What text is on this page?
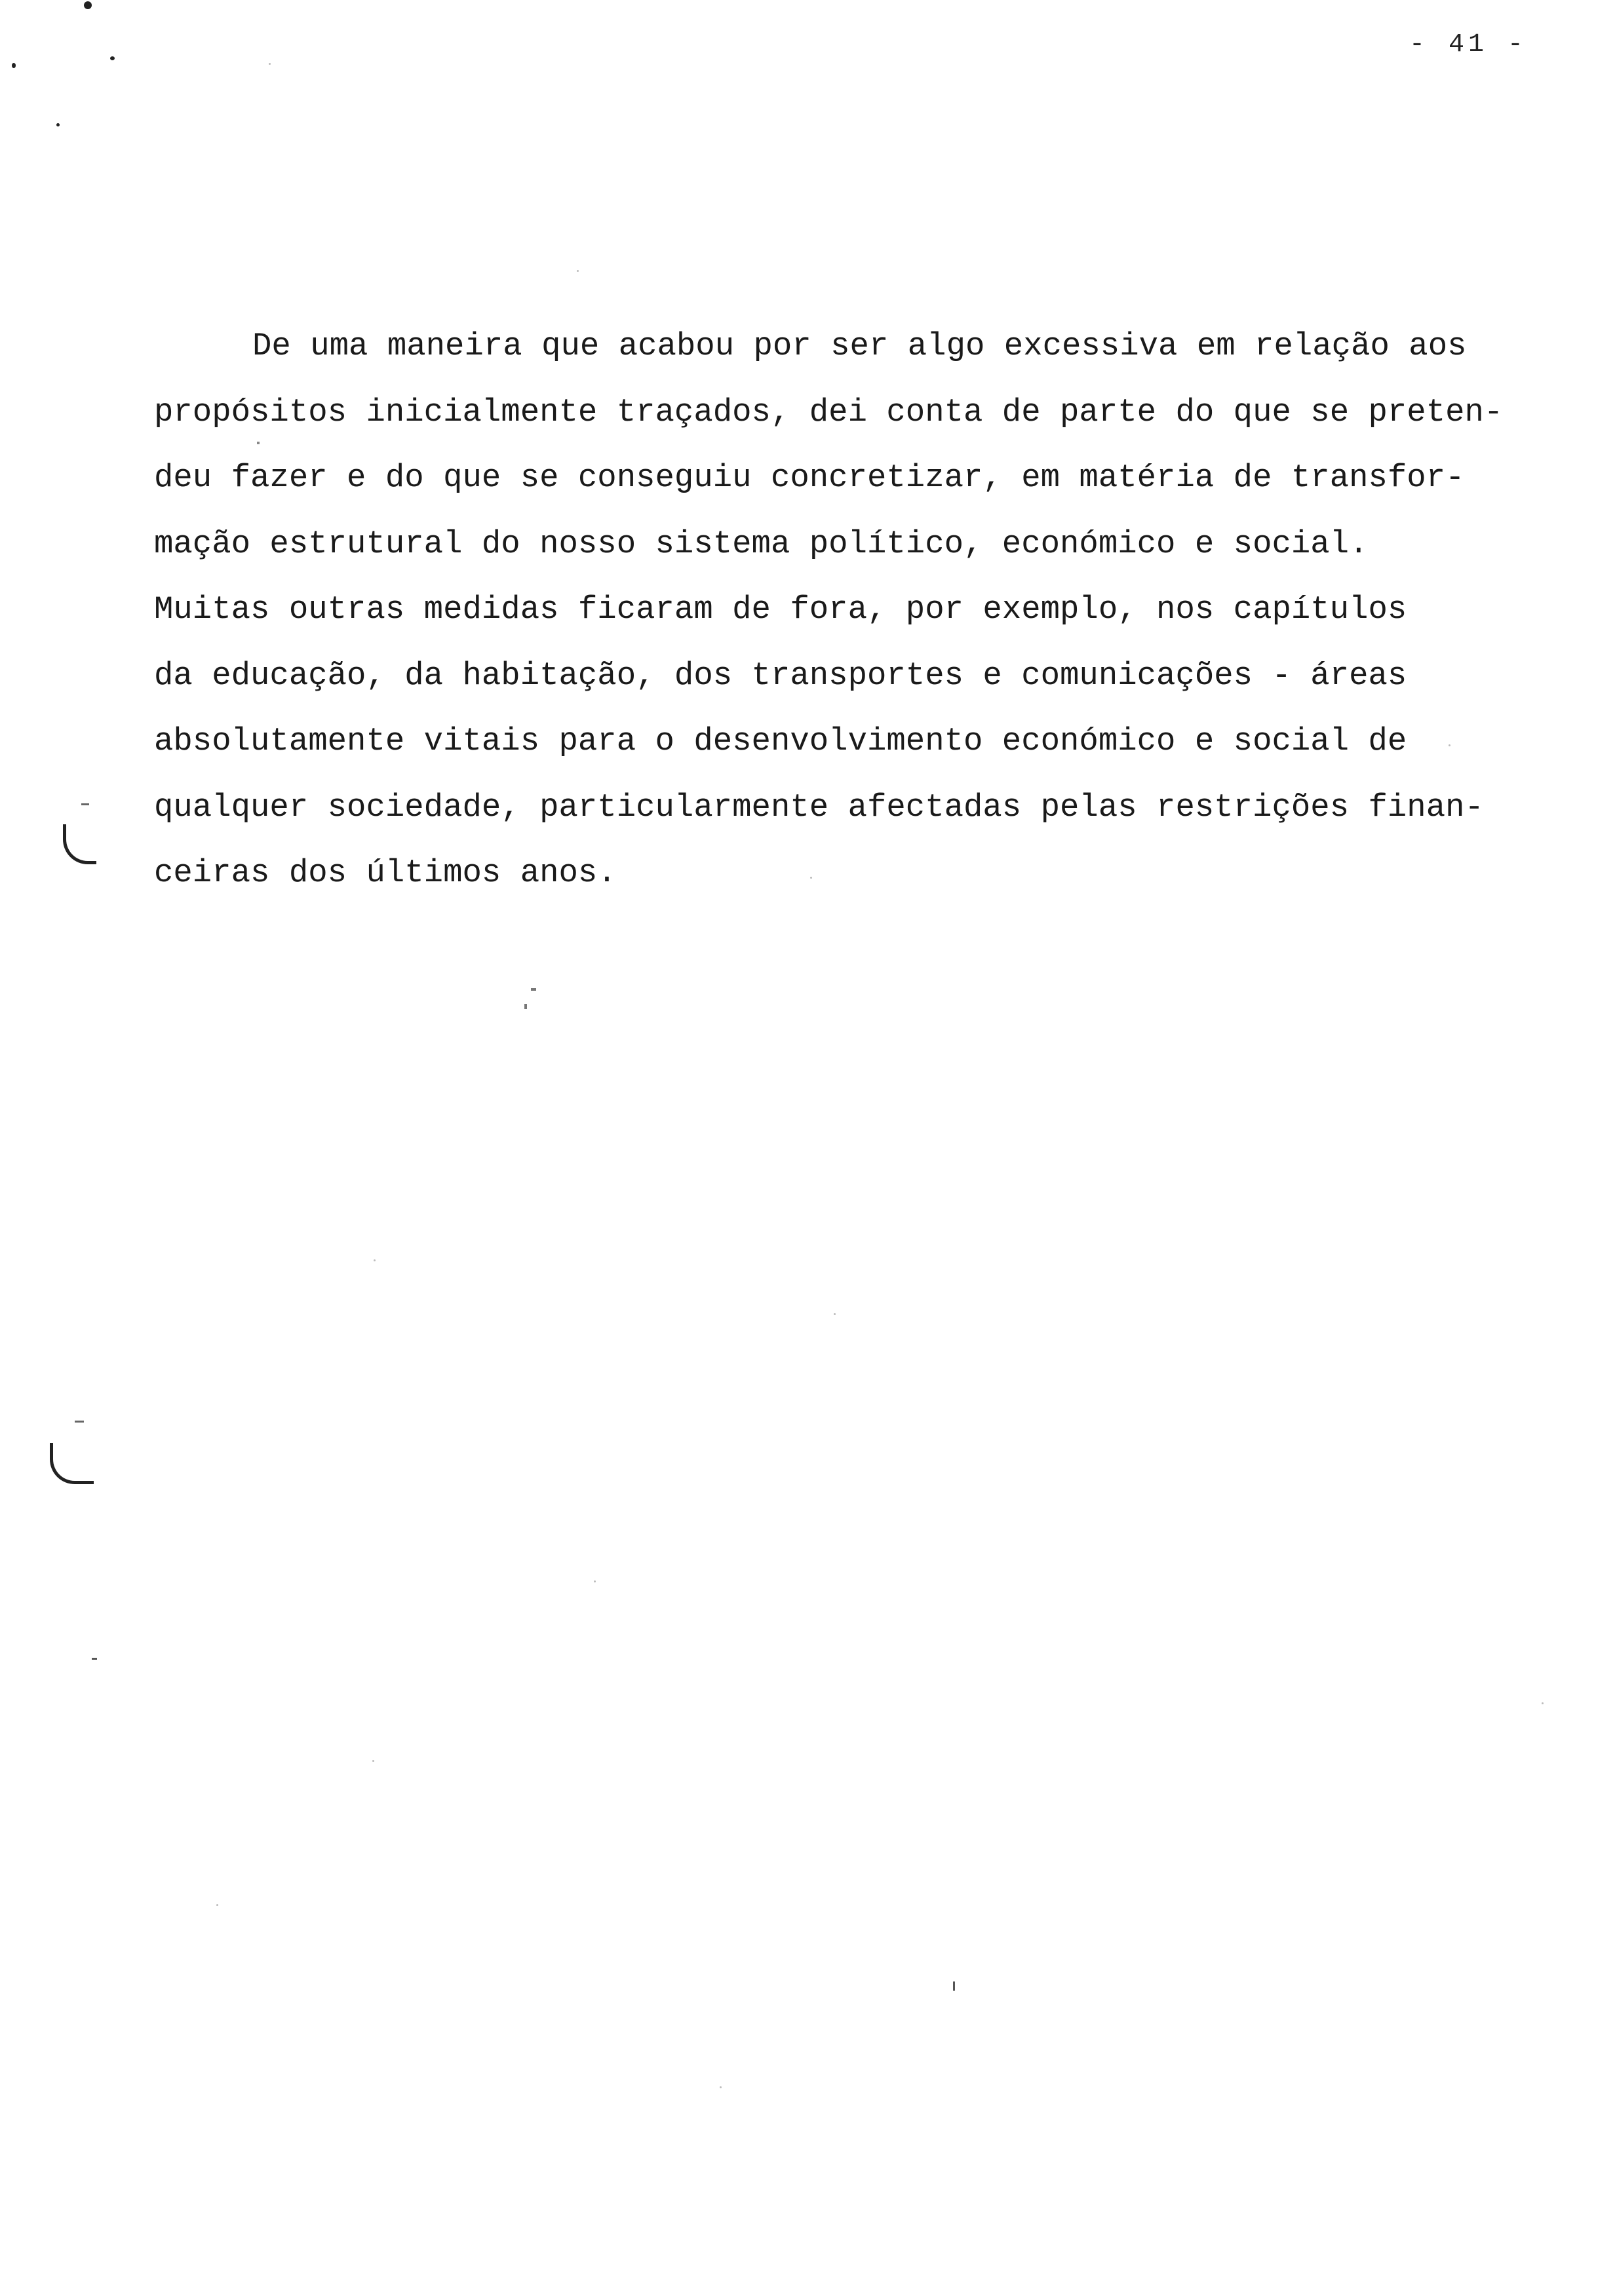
- 41 -
De uma maneira que acabou por ser algo excessiva em relação aos
propósitos inicialmente traçados, dei conta de parte do que se preten-
deu fazer e do que se conseguiu concretizar, em matéria de transfor-
mação estrutural do nosso sistema político, económico e social.
Muitas outras medidas ficaram de fora, por exemplo, nos capítulos
da educação, da habitação, dos transportes e comunicações - áreas
absolutamente vitais para o desenvolvimento económico e social de
qualquer sociedade, particularmente afectadas pelas restrições finan-
ceiras dos últimos anos.
